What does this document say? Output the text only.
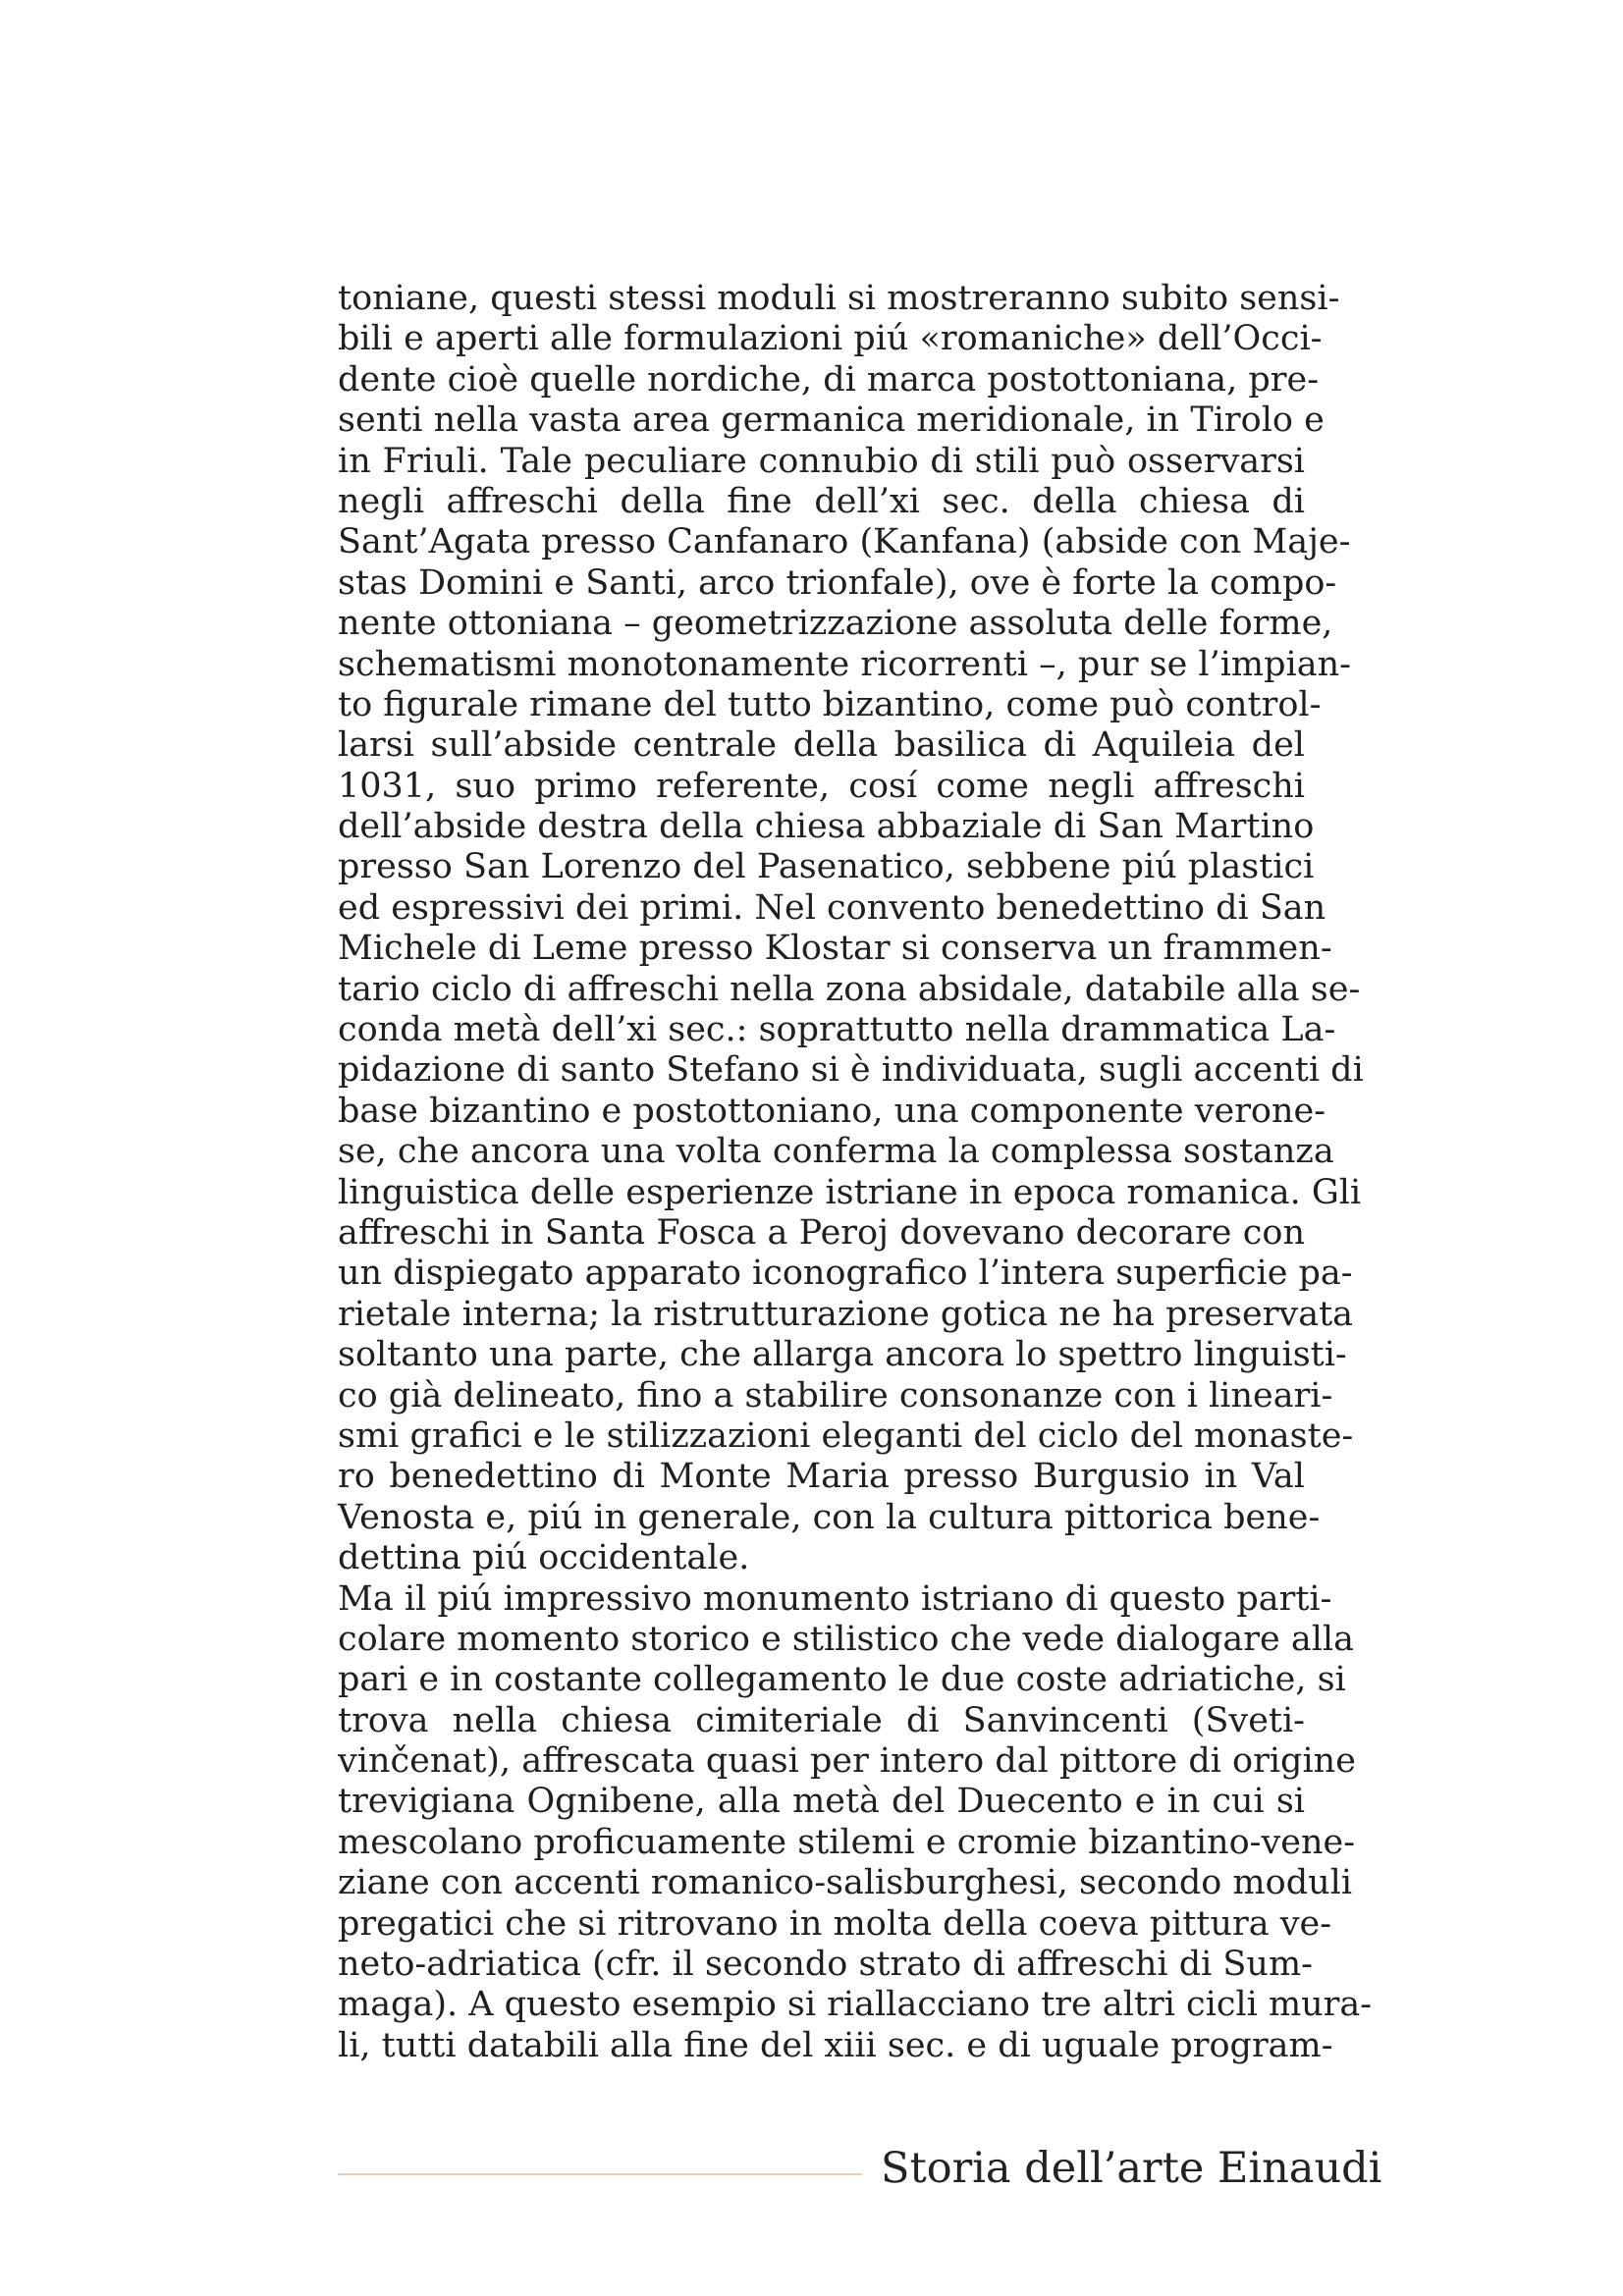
toniane, questi stessi moduli si mostreranno subito sensi-
bili e aperti alle formulazioni piú «romaniche» dell’Occi-
dente cioè quelle nordiche, di marca postottoniana, pre-
senti nella vasta area germanica meridionale, in Tirolo e
in Friuli. Tale peculiare connubio di stili può osservarsi
negli affreschi della fine dell’xi sec. della chiesa di
Sant’Agata presso Canfanaro (Kanfana) (abside con Maje-
stas Domini e Santi, arco trionfale), ove è forte la compo-
nente ottoniana – geometrizzazione assoluta delle forme,
schematismi monotonamente ricorrenti –, pur se l’impian-
to figurale rimane del tutto bizantino, come può control-
larsi sull’abside centrale della basilica di Aquileia del
1031, suo primo referente, cosí come negli affreschi
dell’abside destra della chiesa abbaziale di San Martino
presso San Lorenzo del Pasenatico, sebbene piú plastici
ed espressivi dei primi. Nel convento benedettino di San
Michele di Leme presso Klostar si conserva un frammen-
tario ciclo di affreschi nella zona absidale, databile alla se-
conda metà dell’xi sec.: soprattutto nella drammatica La-
pidazione di santo Stefano si è individuata, sugli accenti di
base bizantino e postottoniano, una componente verone-
se, che ancora una volta conferma la complessa sostanza
linguistica delle esperienze istriane in epoca romanica. Gli
affreschi in Santa Fosca a Peroj dovevano decorare con
un dispiegato apparato iconografico l’intera superficie pa-
rietale interna; la ristrutturazione gotica ne ha preservata
soltanto una parte, che allarga ancora lo spettro linguisti-
co già delineato, fino a stabilire consonanze con i lineari-
smi grafici e le stilizzazioni eleganti del ciclo del monaste-
ro benedettino di Monte Maria presso Burgusio in Val
Venosta e, piú in generale, con la cultura pittorica bene-
dettina piú occidentale.
Ma il piú impressivo monumento istriano di questo parti-
colare momento storico e stilistico che vede dialogare alla
pari e in costante collegamento le due coste adriatiche, si
trova nella chiesa cimiteriale di Sanvincenti (Sveti-
vinčenat), affrescata quasi per intero dal pittore di origine
trevigiana Ognibene, alla metà del Duecento e in cui si
mescolano proficuamente stilemi e cromie bizantino-vene-
ziane con accenti romanico-salisburghesi, secondo moduli
pregatici che si ritrovano in molta della coeva pittura ve-
neto-adriatica (cfr. il secondo strato di affreschi di Sum-
maga). A questo esempio si riallacciano tre altri cicli mura-
li, tutti databili alla fine del xiii sec. e di uguale program-
Storia dell’arte Einaudi
